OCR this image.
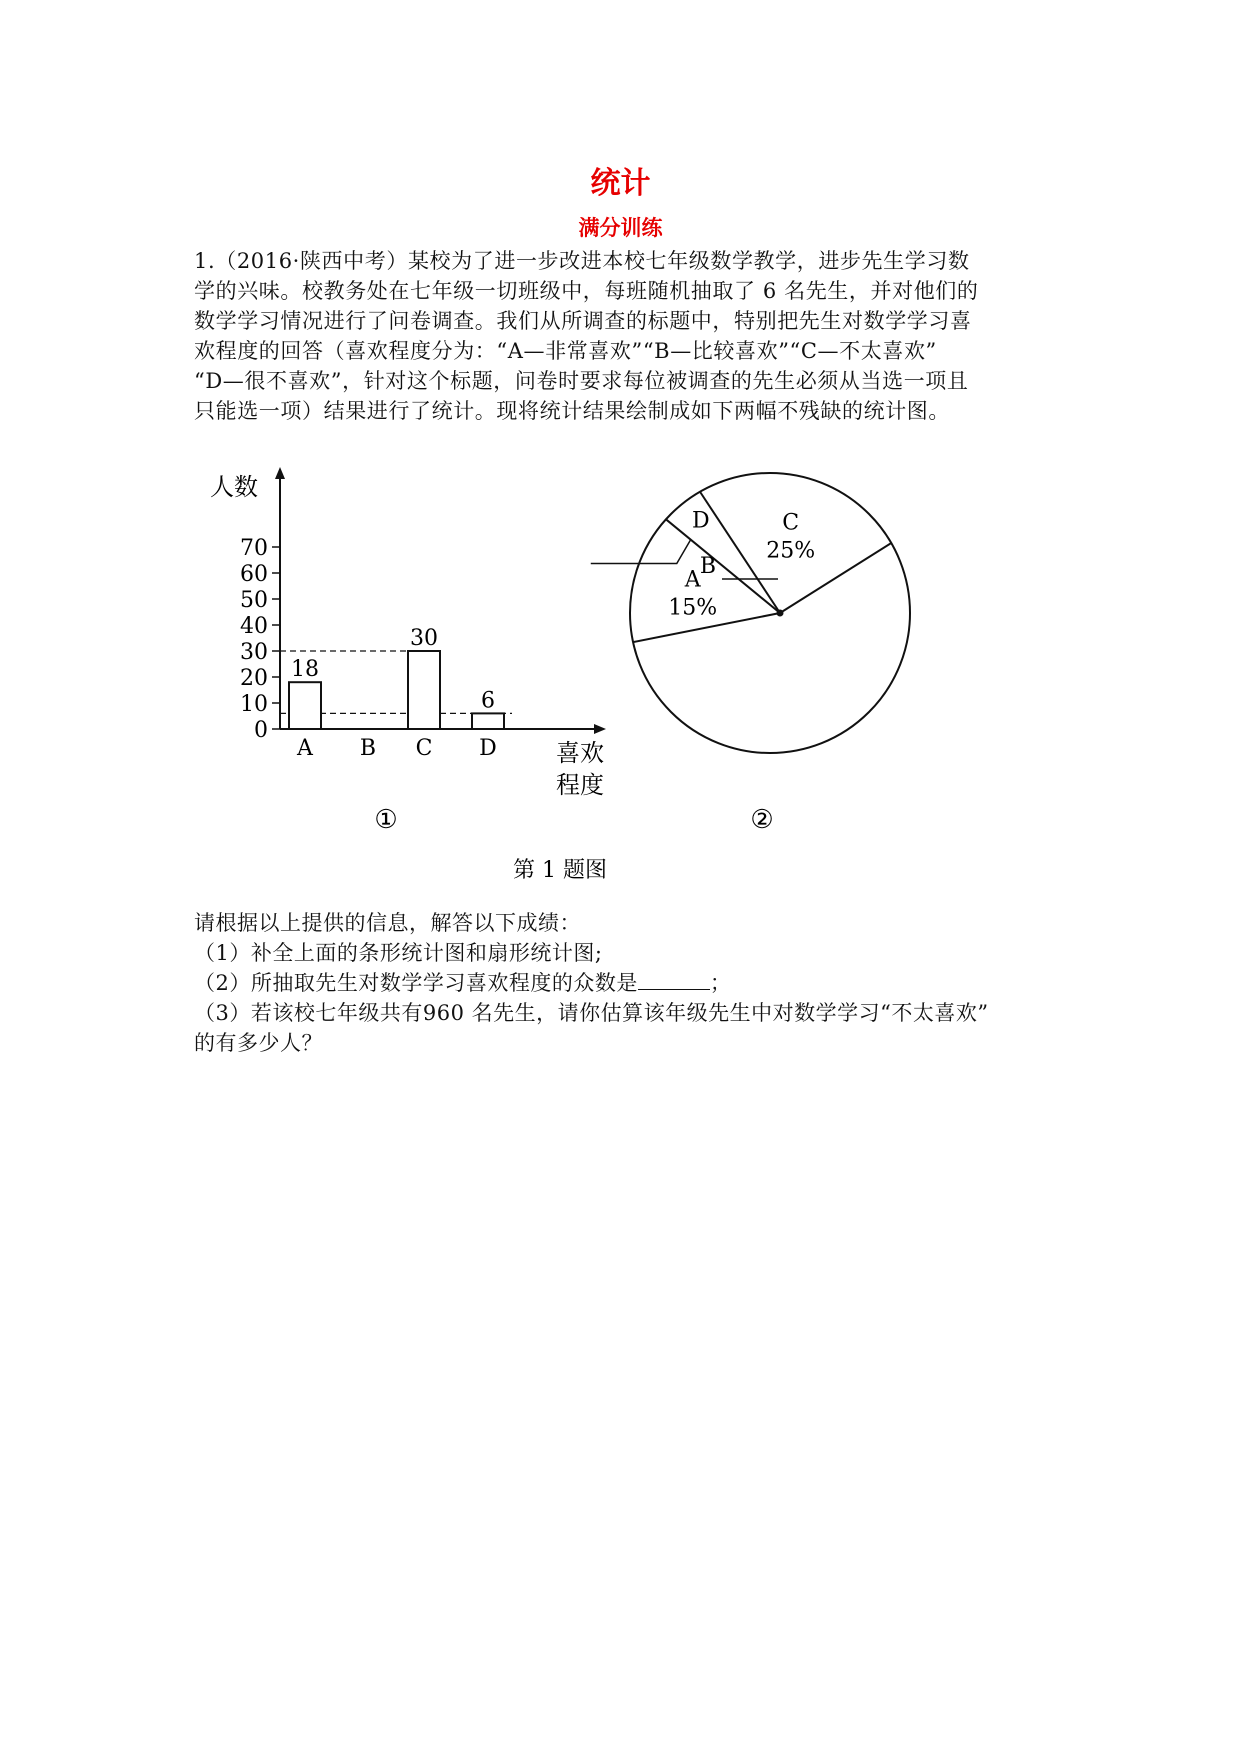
统计
满分训练

1.（2016·陕西中考）某校为了进一步改进本校七年级数学教学，进步先生学习数

学的兴味。校教务处在七年级一切班级中，每班随机抽取了 6 名先生，并对他们的

数学学习情况进行了问卷调查。我们从所调查的标题中，特别把先生对数学学习喜

欢程度的回答（喜欢程度分为：“A—非常喜欢”“B—比较喜欢”“C—不太喜欢”

“D—很不喜欢”，针对这个标题，问卷时要求每位被调查的先生必须从当选一项且

只能选一项）结果进行了统计。现将统计结果绘制成如下两幅不残缺的统计图。

人数
喜欢
程度
0
10
20
30
40
50
60
70
18
A B
30
C
6
D
①
A
15%
D	C
25%
B
②
第 1 题图

请根据以上提供的信息，解答以下成绩：

（1）补全上面的条形统计图和扇形统计图;

（2）所抽取先生对数学学习喜欢程度的众数是	；

（3）若该校七年级共有960 名先生，请你估算该年级先生中对数学学习“不太喜欢”

的有多少人？
